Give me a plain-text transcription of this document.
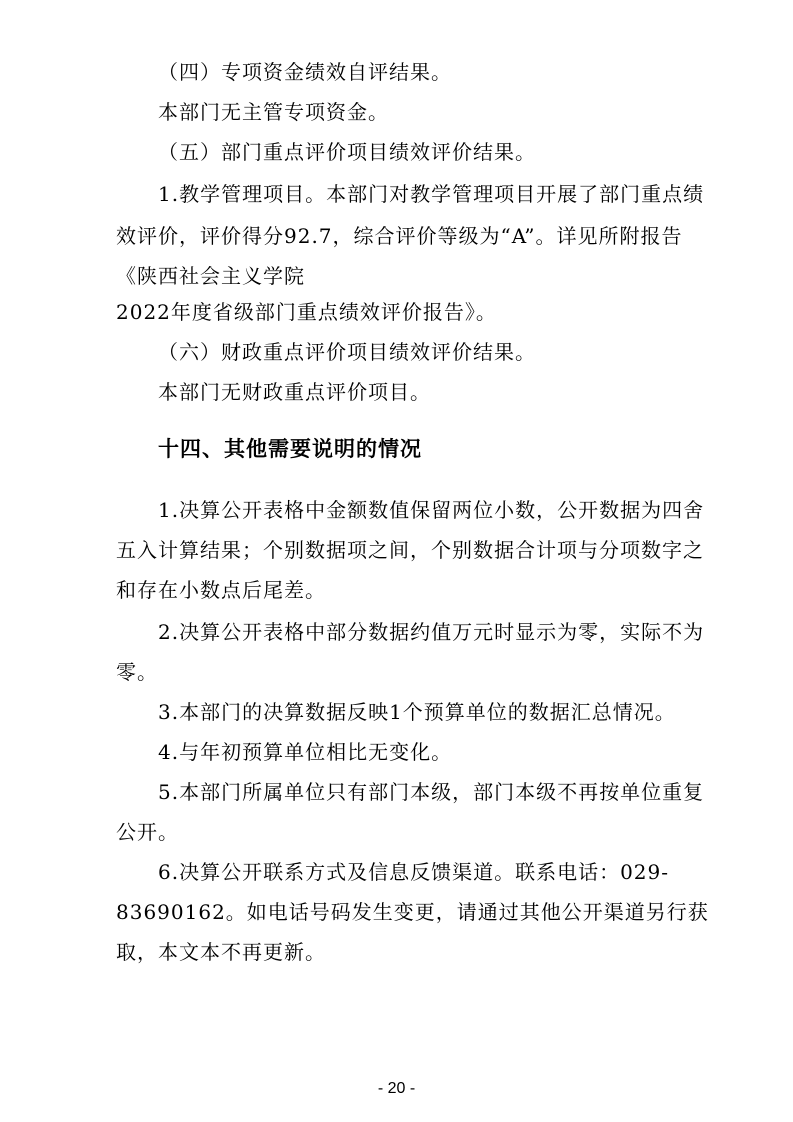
（四）专项资金绩效自评结果。
本部门无主管专项资金。
（五）部门重点评价项目绩效评价结果。
1.教学管理项目。本部门对教学管理项目开展了部门重点绩
效评价，评价得分92.7，综合评价等级为“A”。详见所附报告
《陕西社会主义学院
2022年度省级部门重点绩效评价报告》。
（六）财政重点评价项目绩效评价结果。
本部门无财政重点评价项目。
十四、其他需要说明的情况
1.决算公开表格中金额数值保留两位小数，公开数据为四舍
五入计算结果；个别数据项之间，个别数据合计项与分项数字之
和存在小数点后尾差。
2.决算公开表格中部分数据约值万元时显示为零，实际不为
零。
3.本部门的决算数据反映1个预算单位的数据汇总情况。
4.与年初预算单位相比无变化。
5.本部门所属单位只有部门本级，部门本级不再按单位重复
公开。
6.决算公开联系方式及信息反馈渠道。联系电话：029-
83690162。如电话号码发生变更，请通过其他公开渠道另行获
取，本文本不再更新。
- 20 -
